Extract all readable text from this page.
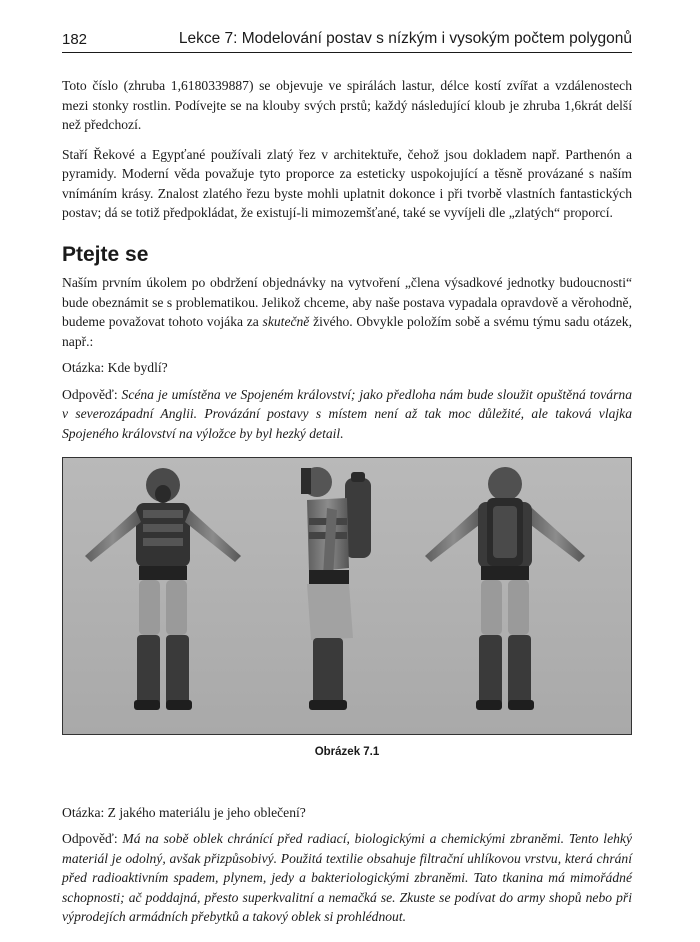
182	Lekce 7: Modelování postav s nízkým i vysokým počtem polygonů

Toto číslo (zhruba 1,6180339887) se objevuje ve spirálách lastur, délce kostí zvířat a vzdálenostech mezi stonky rostlin. Podívejte se na klouby svých prstů; každý následující kloub je zhruba 1,6krát delší než předchozí.

Staří Řekové a Egypťané používali zlatý řez v architektuře, čehož jsou dokladem např. Parthenón a pyramidy. Moderní věda považuje tyto proporce za esteticky uspokojující a těsně provázané s naším vnímáním krásy. Znalost zlatého řezu byste mohli uplatnit dokonce i při tvorbě vlastních fantastických postav; dá se totiž předpokládat, že existují-li mimozemšťané, také se vyvíjeli dle „zlatých“ proporcí.

Ptejte se

Naším prvním úkolem po obdržení objednávky na vytvoření „člena výsadkové jednotky budoucnosti“ bude obeznámit se s problematikou. Jelikož chceme, aby naše postava vypadala opravdově a věrohodně, budeme považovat tohoto vojáka za skutečně živého. Obvykle položím sobě a svému týmu sadu otázek, např.:

Otázka: Kde bydlí?

Odpověď: Scéna je umístěna ve Spojeném království; jako předloha nám bude sloužit opuštěná továrna v severozápadní Anglii. Provázání postavy s místem není až tak moc důležité, ale taková vlajka Spojeného království na výložce by byl hezký detail.

Obrázek 7.1

Otázka: Z jakého materiálu je jeho oblečení?

Odpověď: Má na sobě oblek chránící před radiací, biologickými a chemickými zbraněmi. Tento lehký materiál je odolný, avšak přizpůsobivý. Použitá textilie obsahuje filtrační uhlíkovou vrstvu, která chrání před radioaktivním spadem, plynem, jedy a bakteriologickými zbraněmi. Tato tkanina má mimořádné schopnosti; ač poddajná, přesto superkvalitní a nemačká se. Zkuste se podívat do army shopů nebo při výprodejích armádních přebytků a takový oblek si prohlédnout.
